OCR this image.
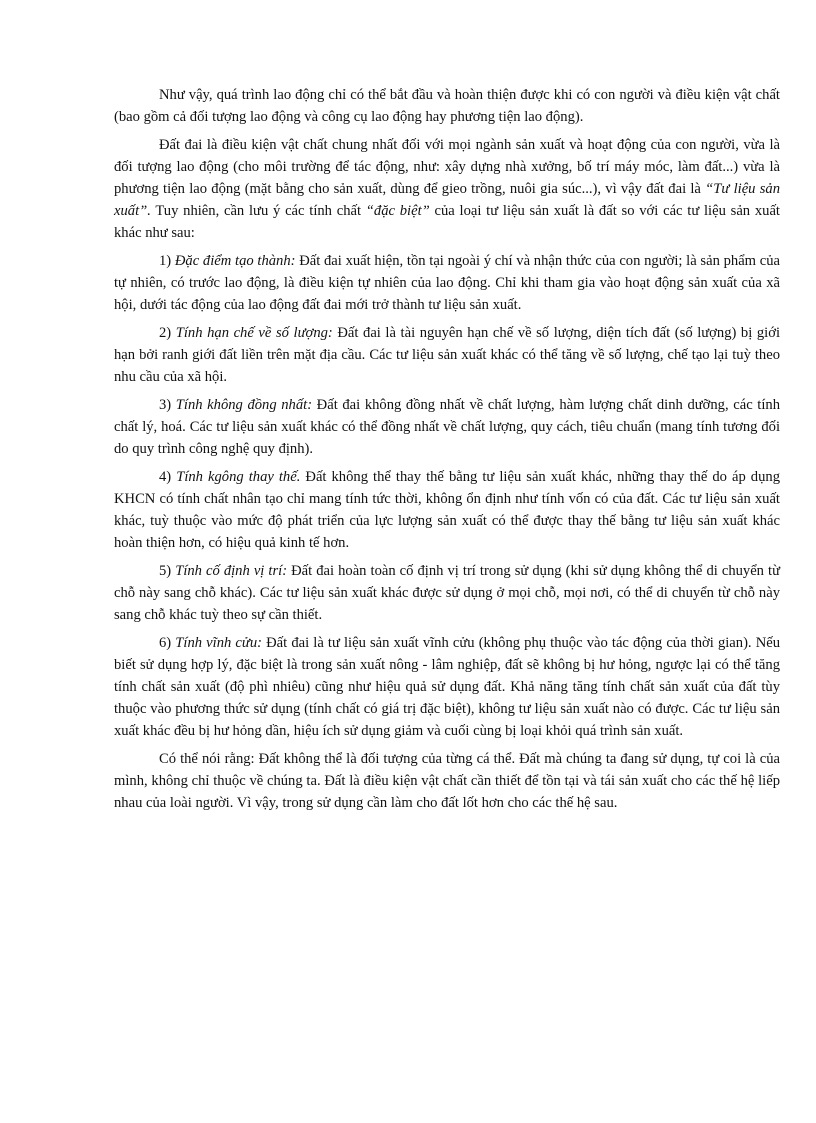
Như vậy, quá trình lao động chỉ có thể bắt đầu và hoàn thiện được khi có con người và điều kiện vật chất (bao gồm cả đối tượng lao động và công cụ lao động hay phương tiện lao động).

Đất đai là điều kiện vật chất chung nhất đối với mọi ngành sản xuất và hoạt động của con người, vừa là đối tượng lao động (cho môi trường để tác động, như: xây dựng nhà xưởng, bố trí máy móc, làm đất...) vừa là phương tiện lao động (mặt bằng cho sản xuất, dùng để gieo trồng, nuôi gia súc...), vì vậy đất đai là “Tư liệu sản xuất”. Tuy nhiên, cần lưu ý các tính chất “đặc biệt” của loại tư liệu sản xuất là đất so với các tư liệu sản xuất khác như sau:

1) Đặc điểm tạo thành: Đất đai xuất hiện, tồn tại ngoài ý chí và nhận thức của con người; là sản phẩm của tự nhiên, có trước lao động, là điều kiện tự nhiên của lao động. Chỉ khi tham gia vào hoạt động sản xuất của xã hội, dưới tác động của lao động đất đai mới trở thành tư liệu sản xuất.

2) Tính hạn chế về số lượng: Đất đai là tài nguyên hạn chế về số lượng, diện tích đất (số lượng) bị giới hạn bởi ranh giới đất liền trên mặt địa cầu. Các tư liệu sản xuất khác có thể tăng về số lượng, chế tạo lại tuỳ theo nhu cầu của xã hội.

3) Tính không đồng nhất: Đất đai không đồng nhất về chất lượng, hàm lượng chất dinh dưỡng, các tính chất lý, hoá. Các tư liệu sản xuất khác có thể đồng nhất về chất lượng, quy cách, tiêu chuẩn (mang tính tương đối do quy trình công nghệ quy định).

4) Tính kgông thay thế. Đất không thể thay thế bằng tư liệu sản xuất khác, những thay thế do áp dụng KHCN có tính chất nhân tạo chỉ mang tính tức thời, không ổn định như tính vốn có của đất. Các tư liệu sản xuất khác, tuỳ thuộc vào mức độ phát triển của lực lượng sản xuất có thể được thay thế bằng tư liệu sản xuất khác hoàn thiện hơn, có hiệu quả kinh tế hơn.

5) Tính cố định vị trí: Đất đai hoàn toàn cố định vị trí trong sử dụng (khi sử dụng không thể di chuyển từ chỗ này sang chỗ khác). Các tư liệu sản xuất khác được sử dụng ở mọi chỗ, mọi nơi, có thể di chuyển từ chỗ này sang chỗ khác tuỳ theo sự cần thiết.

6) Tính vĩnh cửu: Đất đai là tư liệu sản xuất vĩnh cửu (không phụ thuộc vào tác động của thời gian). Nếu biết sử dụng hợp lý, đặc biệt là trong sản xuất nông - lâm nghiệp, đất sẽ không bị hư hỏng, ngược lại có thể tăng tính chất sản xuất (độ phì nhiêu) cũng như hiệu quả sử dụng đất. Khả năng tăng tính chất sản xuất của đất tùy thuộc vào phương thức sử dụng (tính chất có giá trị đặc biệt), không tư liệu sản xuất nào có được. Các tư liệu sản xuất khác đều bị hư hỏng dần, hiệu ích sử dụng giảm và cuối cùng bị loại khỏi quá trình sản xuất.

Có thể nói rằng: Đất không thể là đối tượng của từng cá thể. Đất mà chúng ta đang sử dụng, tự coi là của mình, không chỉ thuộc về chúng ta. Đất là điều kiện vật chất cần thiết để tồn tại và tái sản xuất cho các thế hệ liếp nhau của loài người. Vì vậy, trong sử dụng cần làm cho đất lốt hơn cho các thế hệ sau.
